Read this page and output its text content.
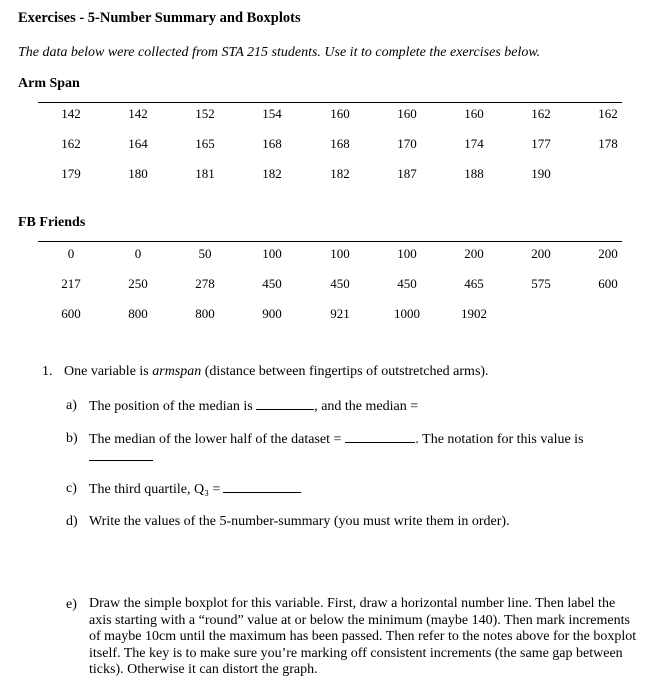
Exercises - 5-Number Summary and Boxplots
The data below were collected from STA 215 students. Use it to complete the exercises below.
Arm Span
142	142	152	154	160	160	160	162	162
162	164	165	168	168	170	174	177	178
179	180	181	182	182	187	188	190
FB Friends
0	0	50	100	100	100	200	200	200
217	250	278	450	450	450	465	575	600
600	800	800	900	921	1000	1902
1. One variable is armspan (distance between fingertips of outstretched arms).
a) The position of the median is	, and the median =
b) The median of the lower half of the dataset =	. The notation for this value is
c) The third quartile, Q₃ =
d) Write the values of the 5-number-summary (you must write them in order).
e) Draw the simple boxplot for this variable. First, draw a horizontal number line. Then label the axis starting with a “round” value at or below the minimum (maybe 140). Then mark increments of maybe 10cm until the maximum has been passed. Then refer to the notes above for the boxplot itself. The key is to make sure you’re marking off consistent increments (the same gap between ticks). Otherwise it can distort the graph.
